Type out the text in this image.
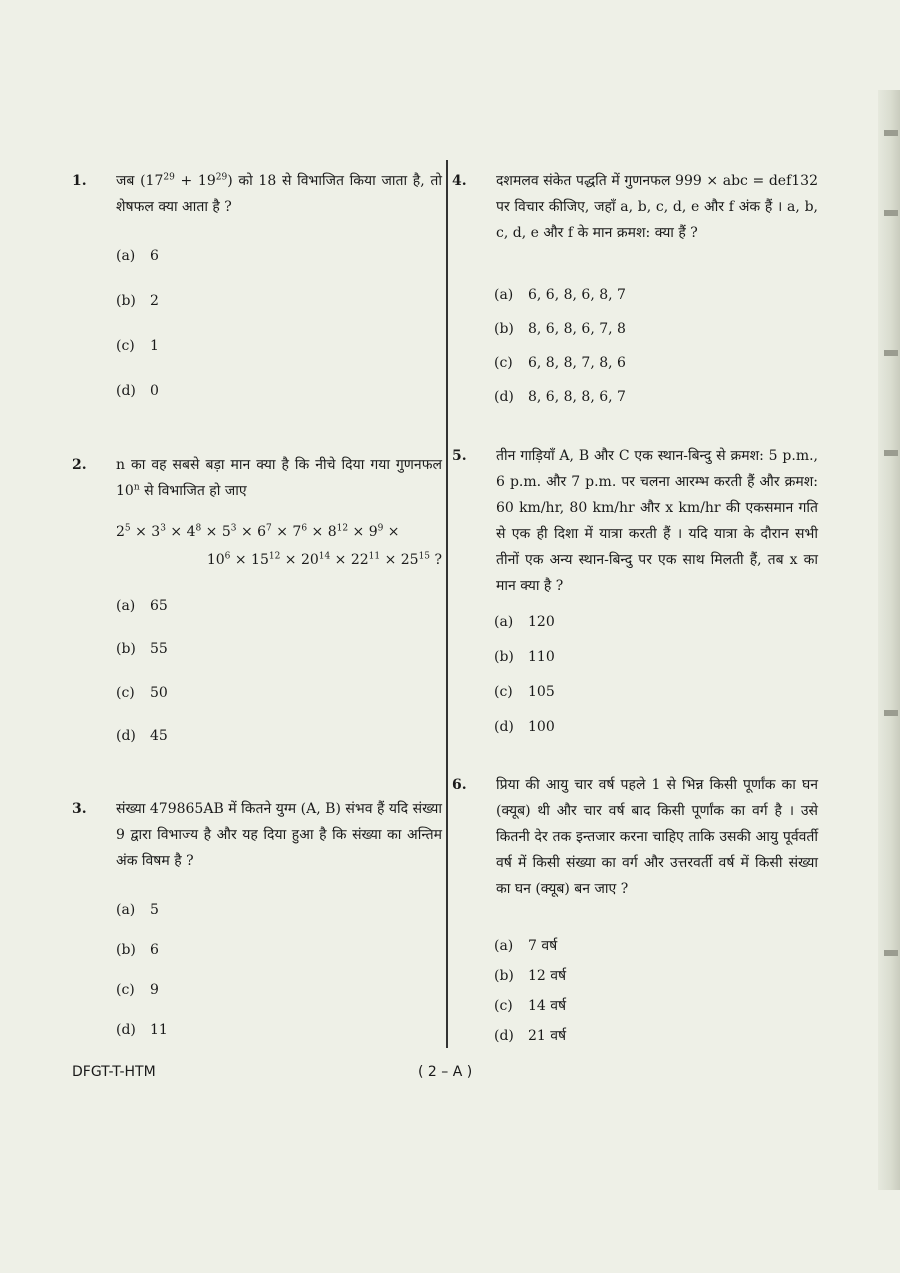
1. जब $(17^{29} + 19^{29})$ को 18 से विभाजित किया जाता है, तो शेषफल क्या आता है ?
(a) 6
(b) 2
(c) 1
(d) 0
2. n का वह सबसे बड़ा मान क्या है कि नीचे दिया गया गुणनफल 10$^n$ से विभाजित हो जाए
$2^5 \times 3^3 \times 4^8 \times 5^3 \times 6^7 \times 7^6 \times 8^{12} \times 9^9$ ×
$10^6 \times 15^{12} \times 20^{14} \times 22^{11} \times 25^{15}$ ?
(a) 65
(b) 55
(c) 50
(d) 45
3. संख्या 479865AB में कितने युग्म (A, B) संभव हैं यदि संख्या 9 द्वारा विभाज्य है और यह दिया हुआ है कि संख्या का अन्तिम अंक विषम है ?
(a) 5
(b) 6
(c) 9
(d) 11
4. दशमलव संकेत पद्धति में गुणनफल 999 × abc = def132 पर विचार कीजिए, जहाँ a, b, c, d, e और f अंक हैं । a, b, c, d, e और f के मान क्रमश: क्या हैं ?
(a) 6, 6, 8, 6, 8, 7
(b) 8, 6, 8, 6, 7, 8
(c) 6, 8, 8, 7, 8, 6
(d) 8, 6, 8, 8, 6, 7
5. तीन गाड़ियाँ A, B और C एक स्थान-बिन्दु से क्रमश: 5 p.m., 6 p.m. और 7 p.m. पर चलना आरम्भ करती हैं और क्रमश: 60 km/hr, 80 km/hr और x km/hr की एकसमान गति से एक ही दिशा में यात्रा करती हैं । यदि यात्रा के दौरान सभी तीनों एक अन्य स्थान-बिन्दु पर एक साथ मिलती हैं, तब x का मान क्या है ?
(a) 120
(b) 110
(c) 105
(d) 100
6. प्रिया की आयु चार वर्ष पहले 1 से भिन्न किसी पूर्णांक का घन (क्यूब) थी और चार वर्ष बाद किसी पूर्णांक का वर्ग है । उसे कितनी देर तक इन्तजार करना चाहिए ताकि उसकी आयु पूर्ववर्ती वर्ष में किसी संख्या का वर्ग और उत्तरवर्ती वर्ष में किसी संख्या का घन (क्यूब) बन जाए ?
(a) 7 वर्ष
(b) 12 वर्ष
(c) 14 वर्ष
(d) 21 वर्ष
DFGT-T-HTM	( 2 – A )
